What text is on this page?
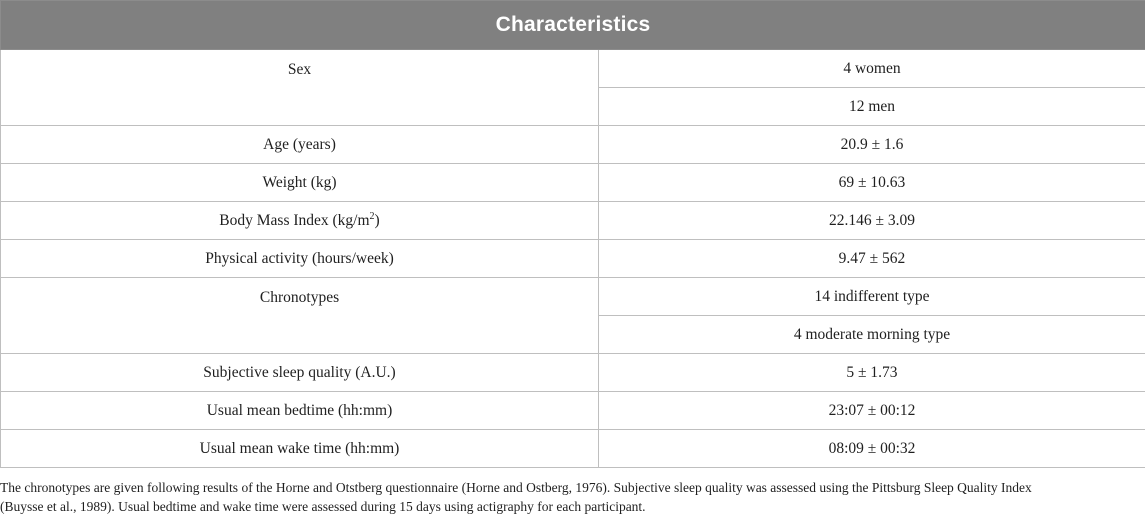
Characteristics	
Sex	4 women
	12 men
Age (years)	20.9 ± 1.6
Weight (kg)	69 ± 10.63
Body Mass Index $(kg/m^2)$	22.146 ± 3.09
Physical activity (hours/week)	9.47 ± 562
Chronotypes	14 indifferent type
	4 moderate morning type
Subjective sleep quality (A.U.)	5 ± 1.73
Usual mean bedtime (hh:mm)	23:07 ± 00:12
Usual mean wake time (hh:mm)	08:09 ± 00:32
The chronotypes are given following results of the Horne and Otstberg questionnaire (Horne and Ostberg, 1976). Subjective sleep quality was assessed using the Pittsburg Sleep Quality Index
(Buysse et al., 1989). Usual bedtime and wake time were assessed during 15 days using actigraphy for each participant.
